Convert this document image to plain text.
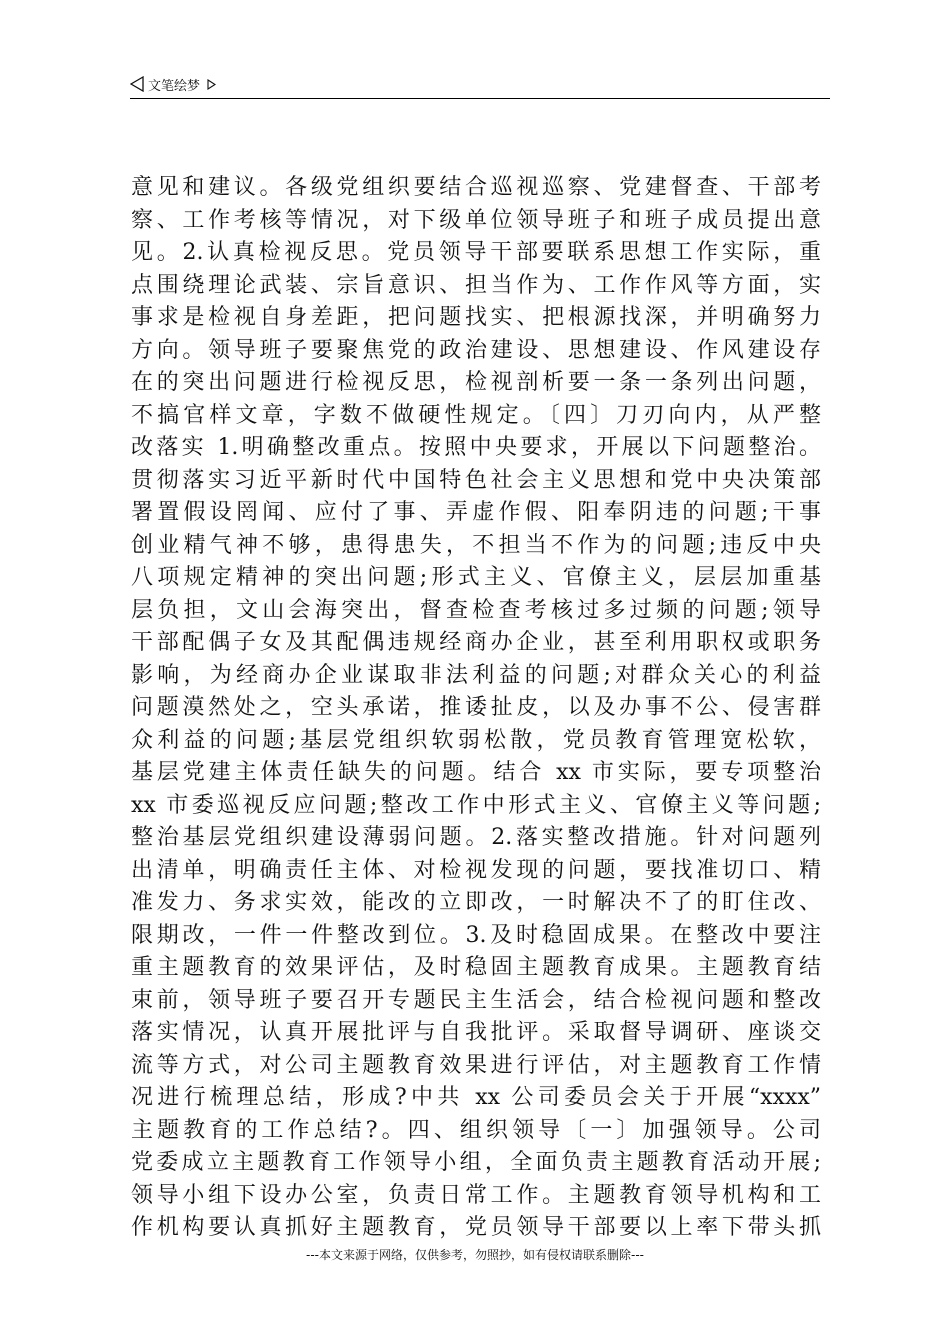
文笔绘梦
意见和建议。各级党组织要结合巡视巡察、党建督查、干部考
察、工作考核等情况，对下级单位领导班子和班子成员提出意
见。2.认真检视反思。党员领导干部要联系思想工作实际，重
点围绕理论武装、宗旨意识、担当作为、工作作风等方面，实
事求是检视自身差距，把问题找实、把根源找深，并明确努力
方向。领导班子要聚焦党的政治建设、思想建设、作风建设存
在的突出问题进行检视反思，检视剖析要一条一条列出问题，
不搞官样文章，字数不做硬性规定。〔四〕刀刃向内，从严整
改落实 1.明确整改重点。按照中央要求，开展以下问题整治。
贯彻落实习近平新时代中国特色社会主义思想和党中央决策部
署置假设罔闻、应付了事、弄虚作假、阳奉阴违的问题;干事
创业精气神不够，患得患失，不担当不作为的问题;违反中央
八项规定精神的突出问题;形式主义、官僚主义，层层加重基
层负担，文山会海突出，督查检查考核过多过频的问题;领导
干部配偶子女及其配偶违规经商办企业，甚至利用职权或职务
影响，为经商办企业谋取非法利益的问题;对群众关心的利益
问题漠然处之，空头承诺，推诿扯皮，以及办事不公、侵害群
众利益的问题;基层党组织软弱松散，党员教育管理宽松软，
基层党建主体责任缺失的问题。结合 xx 市实际，要专项整治
xx 市委巡视反应问题;整改工作中形式主义、官僚主义等问题;
整治基层党组织建设薄弱问题。2.落实整改措施。针对问题列
出清单，明确责任主体、对检视发现的问题，要找准切口、精
准发力、务求实效，能改的立即改，一时解决不了的盯住改、
限期改，一件一件整改到位。3.及时稳固成果。在整改中要注
重主题教育的效果评估，及时稳固主题教育成果。主题教育结
束前，领导班子要召开专题民主生活会，结合检视问题和整改
落实情况，认真开展批评与自我批评。采取督导调研、座谈交
流等方式，对公司主题教育效果进行评估，对主题教育工作情
况进行梳理总结，形成?中共 xx 公司委员会关于开展“xxxx”
主题教育的工作总结?。四、组织领导〔一〕加强领导。公司
党委成立主题教育工作领导小组，全面负责主题教育活动开展;
领导小组下设办公室，负责日常工作。主题教育领导机构和工
作机构要认真抓好主题教育，党员领导干部要以上率下带头抓
---本文来源于网络，仅供参考，勿照抄，如有侵权请联系删除---
